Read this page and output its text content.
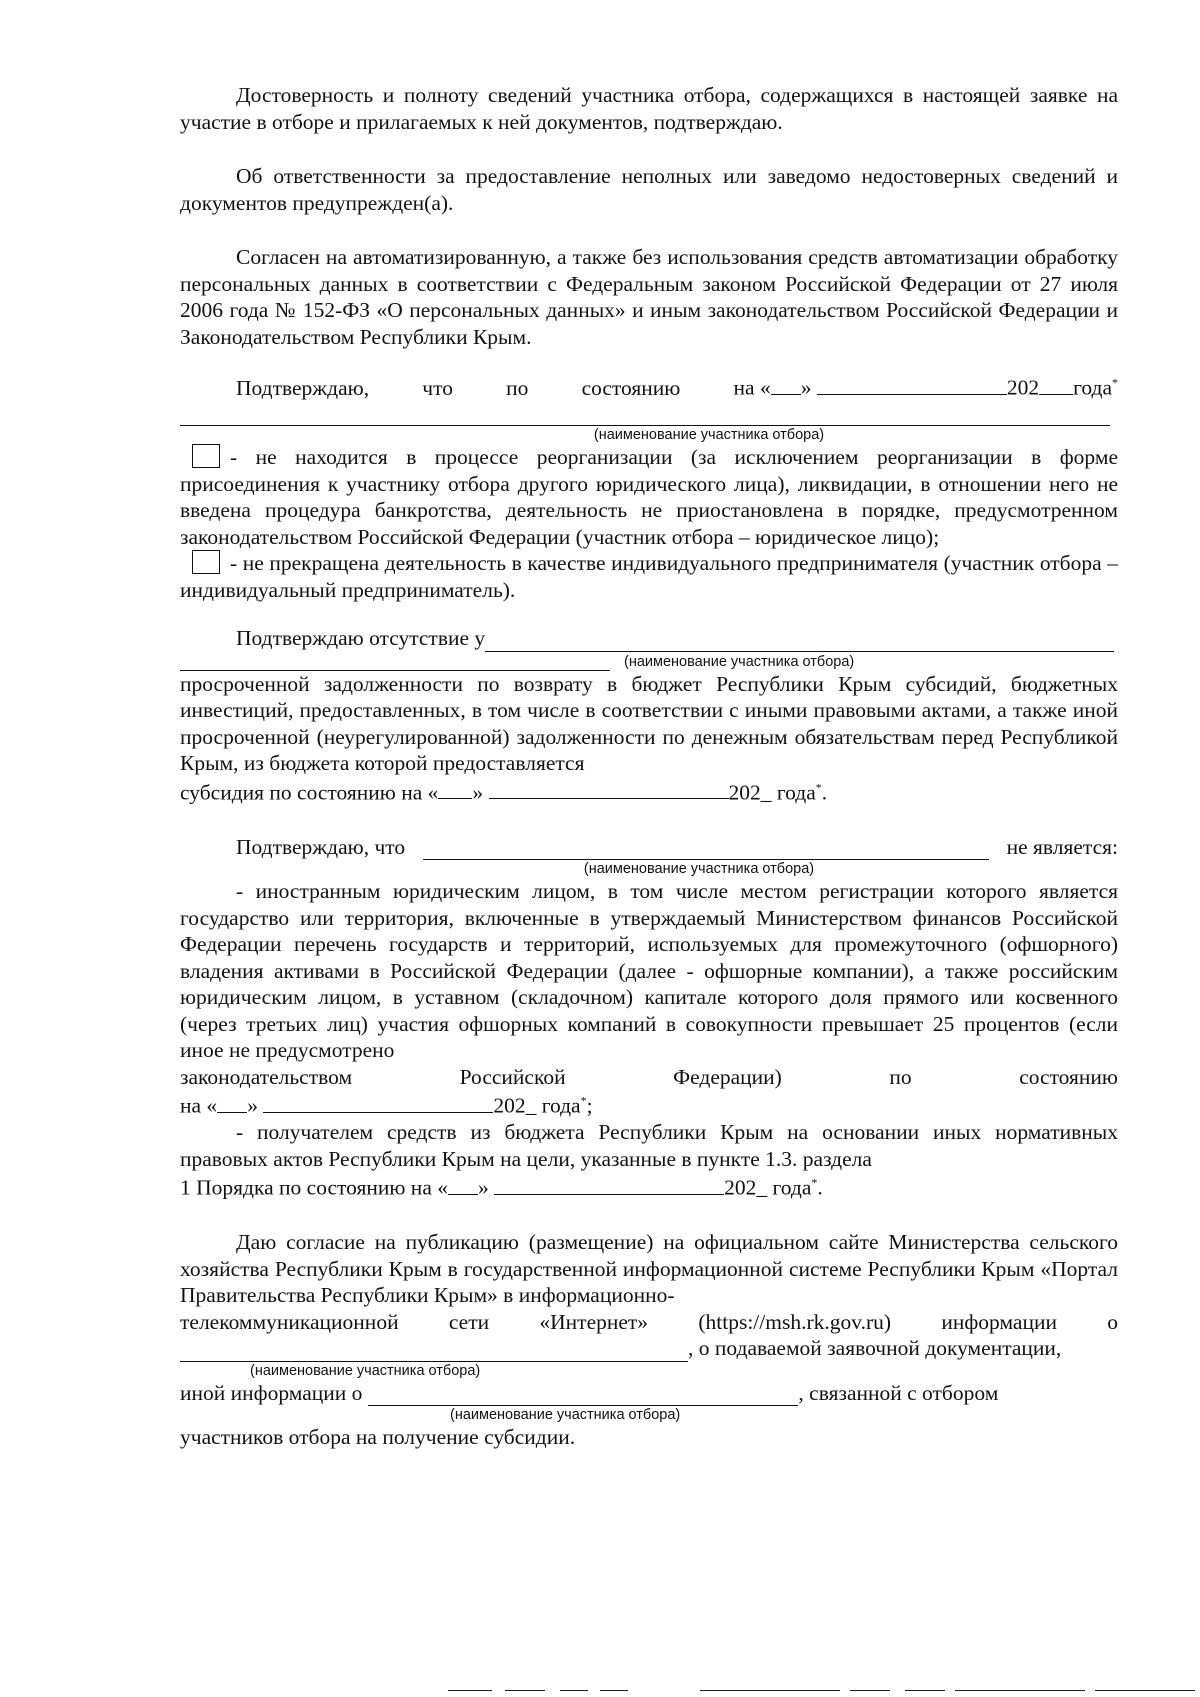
Достоверность и полноту сведений участника отбора, содержащихся в настоящей заявке на участие в отборе и прилагаемых к ней документов, подтверждаю.

Об ответственности за предоставление неполных или заведомо недостоверных сведений и документов предупрежден(а).

Согласен на автоматизированную, а также без использования средств автоматизации обработку персональных данных в соответствии с Федеральным законом Российской Федерации от 27 июля 2006 года № 152-ФЗ «О персональных данных» и иным законодательством Российской Федерации и Законодательством Республики Крым.

Подтверждаю, что по состоянию на « »	202 года*

(наименование участника отбора)

- не находится в процессе реорганизации (за исключением реорганизации в форме присоединения к участнику отбора другого юридического лица), ликвидации, в отношении него не введена процедура банкротства, деятельность не приостановлена в порядке, предусмотренном законодательством Российской Федерации (участник отбора – юридическое лицо);

- не прекращена деятельность в качестве индивидуального предпринимателя (участник отбора – индивидуальный предприниматель).

Подтверждаю отсутствие у
(наименование участника отбора)

просроченной задолженности по возврату в бюджет Республики Крым субсидий, бюджетных инвестиций, предоставленных, в том числе в соответствии с иными правовыми актами, а также иной просроченной (неурегулированной) задолженности по денежным обязательствам перед Республикой Крым, из бюджета которой предоставляется

субсидия по состоянию на « »	202_ года*.

Подтверждаю, что	не является:

(наименование участника отбора)

- иностранным юридическим лицом, в том числе местом регистрации которого является государство или территория, включенные в утверждаемый Министерством финансов Российской Федерации перечень государств и территорий, используемых для промежуточного (офшорного) владения активами в Российской Федерации (далее - офшорные компании), а также российским юридическим лицом, в уставном (складочном) капитале которого доля прямого или косвенного (через третьих лиц) участия офшорных компаний в совокупности превышает 25 процентов (если иное не предусмотрено

законодательством	Российской	Федерации)	по	состоянию

на « »	202_ года*;

- получателем средств из бюджета Республики Крым на основании иных нормативных правовых актов Республики Крым на цели, указанные в пункте 1.3. раздела

1 Порядка по состоянию на « »	202_ года*.

Даю согласие на публикацию (размещение) на официальном сайте Министерства сельского хозяйства Республики Крым в государственной информационной системе Республики Крым «Портал Правительства Республики Крым» в информационно-

телекоммуникационной сети «Интернет» (https://msh.rk.gov.ru) информации о
, о подаваемой заявочной документации,

(наименование участника отбора)

иной информации о	, связанной с отбором

(наименование участника отбора)

участников отбора на получение субсидии.
